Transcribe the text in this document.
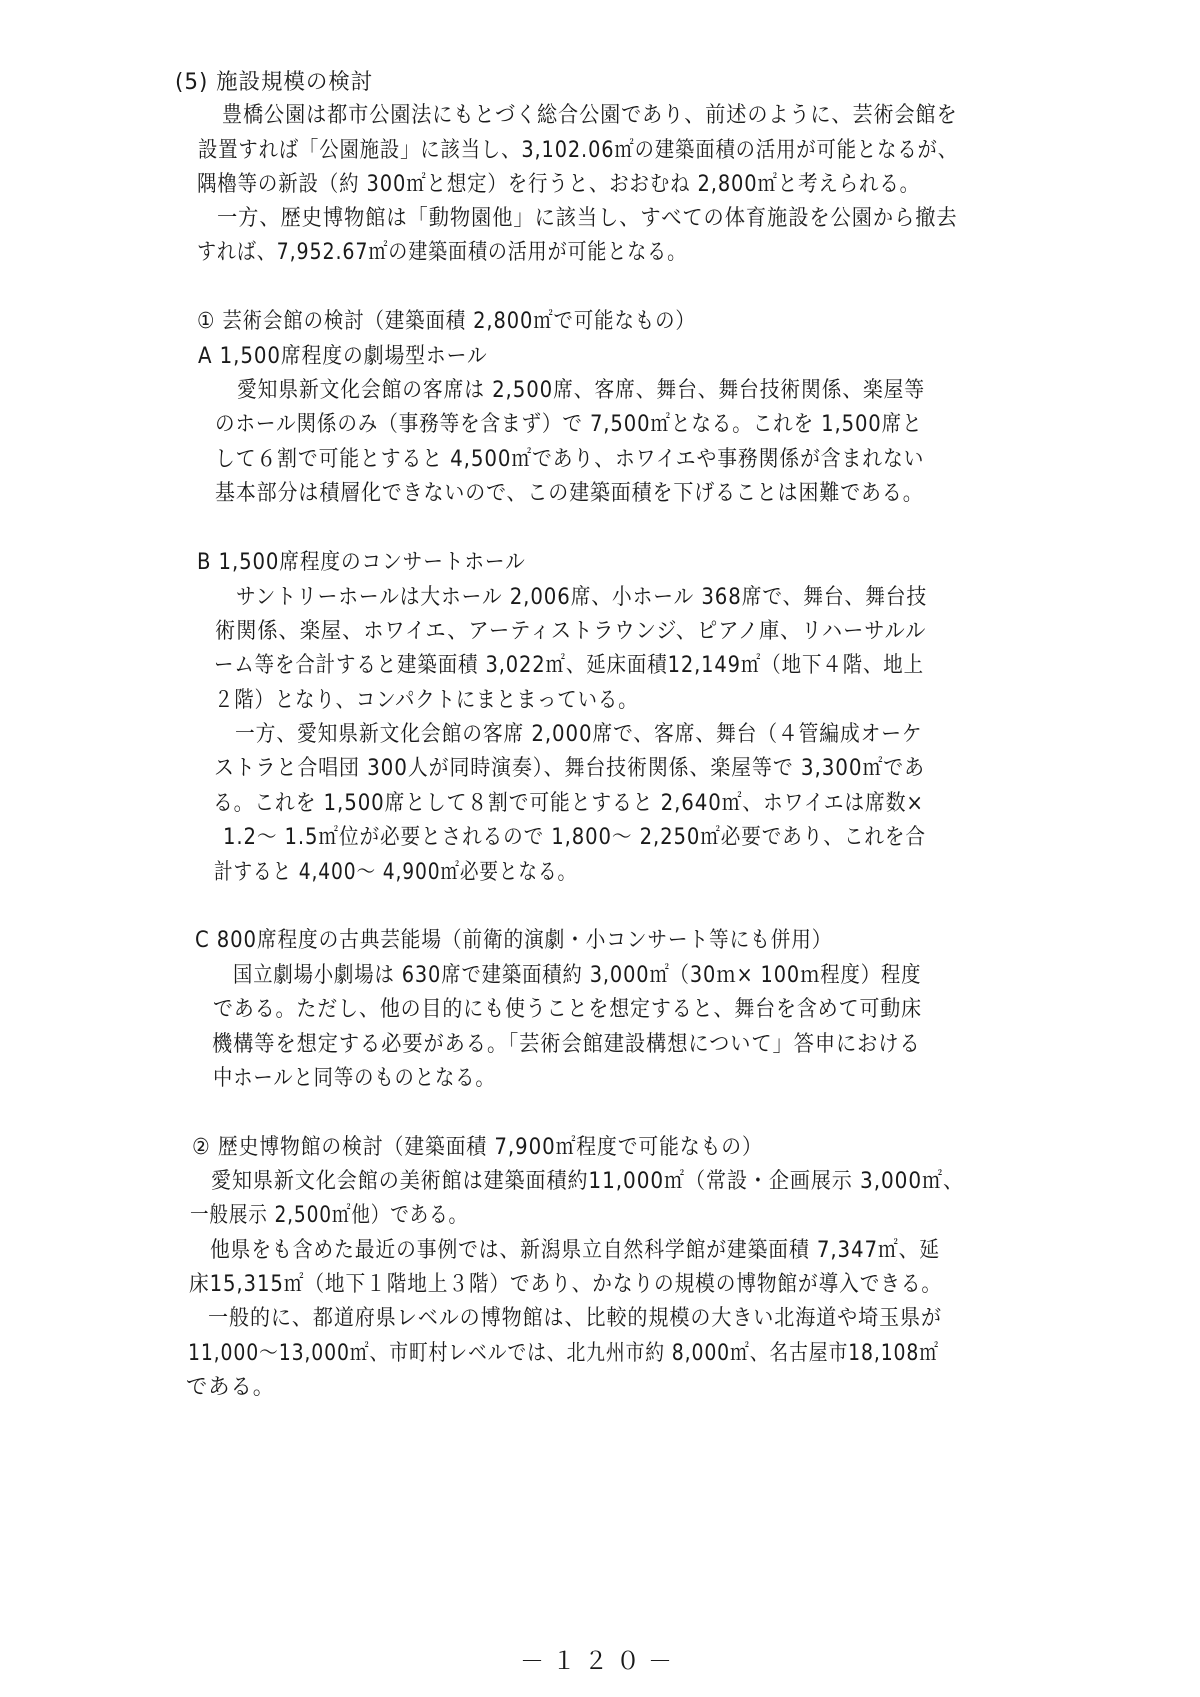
(5) 施設規模の検討
豊橋公園は都市公園法にもとづく総合公園であり、前述のように、芸術会館を
設置すれば「公園施設」に該当し、3,102.06㎡の建築面積の活用が可能となるが、
隅櫓等の新設（約 300㎡と想定）を行うと、おおむね 2,800㎡と考えられる。
一方、歴史博物館は「動物園他」に該当し、すべての体育施設を公園から撤去
すれば、7,952.67㎡の建築面積の活用が可能となる。
① 芸術会館の検討（建築面積 2,800㎡で可能なもの）
A 1,500席程度の劇場型ホール
愛知県新文化会館の客席は 2,500席、客席、舞台、舞台技術関係、楽屋等
のホール関係のみ（事務等を含まず）で 7,500㎡となる。これを 1,500席と
して６割で可能とすると 4,500㎡であり、ホワイエや事務関係が含まれない
基本部分は積層化できないので、この建築面積を下げることは困難である。
B 1,500席程度のコンサートホール
サントリーホールは大ホール 2,006席、小ホール 368席で、舞台、舞台技
術関係、楽屋、ホワイエ、アーティストラウンジ、ピアノ庫、リハーサルル
ーム等を合計すると建築面積 3,022㎡、延床面積12,149㎡（地下４階、地上
２階）となり、コンパクトにまとまっている。
一方、愛知県新文化会館の客席 2,000席で、客席、舞台（４管編成オーケ
ストラと合唱団 300人が同時演奏）、舞台技術関係、楽屋等で 3,300㎡であ
る。これを 1,500席として８割で可能とすると 2,640㎡、ホワイエは席数×
1.2～ 1.5㎡位が必要とされるので 1,800～ 2,250㎡必要であり、これを合
計すると 4,400～ 4,900㎡必要となる。
C 800席程度の古典芸能場（前衛的演劇・小コンサート等にも併用）
国立劇場小劇場は 630席で建築面積約 3,000㎡（30ｍ× 100ｍ程度）程度
である。ただし、他の目的にも使うことを想定すると、舞台を含めて可動床
機構等を想定する必要がある。「芸術会館建設構想について」答申における
中ホールと同等のものとなる。
② 歴史博物館の検討（建築面積 7,900㎡程度で可能なもの）
愛知県新文化会館の美術館は建築面積約11,000㎡（常設・企画展示 3,000㎡、
一般展示 2,500㎡他）である。
他県をも含めた最近の事例では、新潟県立自然科学館が建築面積 7,347㎡、延
床15,315㎡（地下１階地上３階）であり、かなりの規模の博物館が導入できる。
一般的に、都道府県レベルの博物館は、比較的規模の大きい北海道や埼玉県が
11,000～13,000㎡、市町村レベルでは、北九州市約 8,000㎡、名古屋市18,108㎡
である。
－１２０－
